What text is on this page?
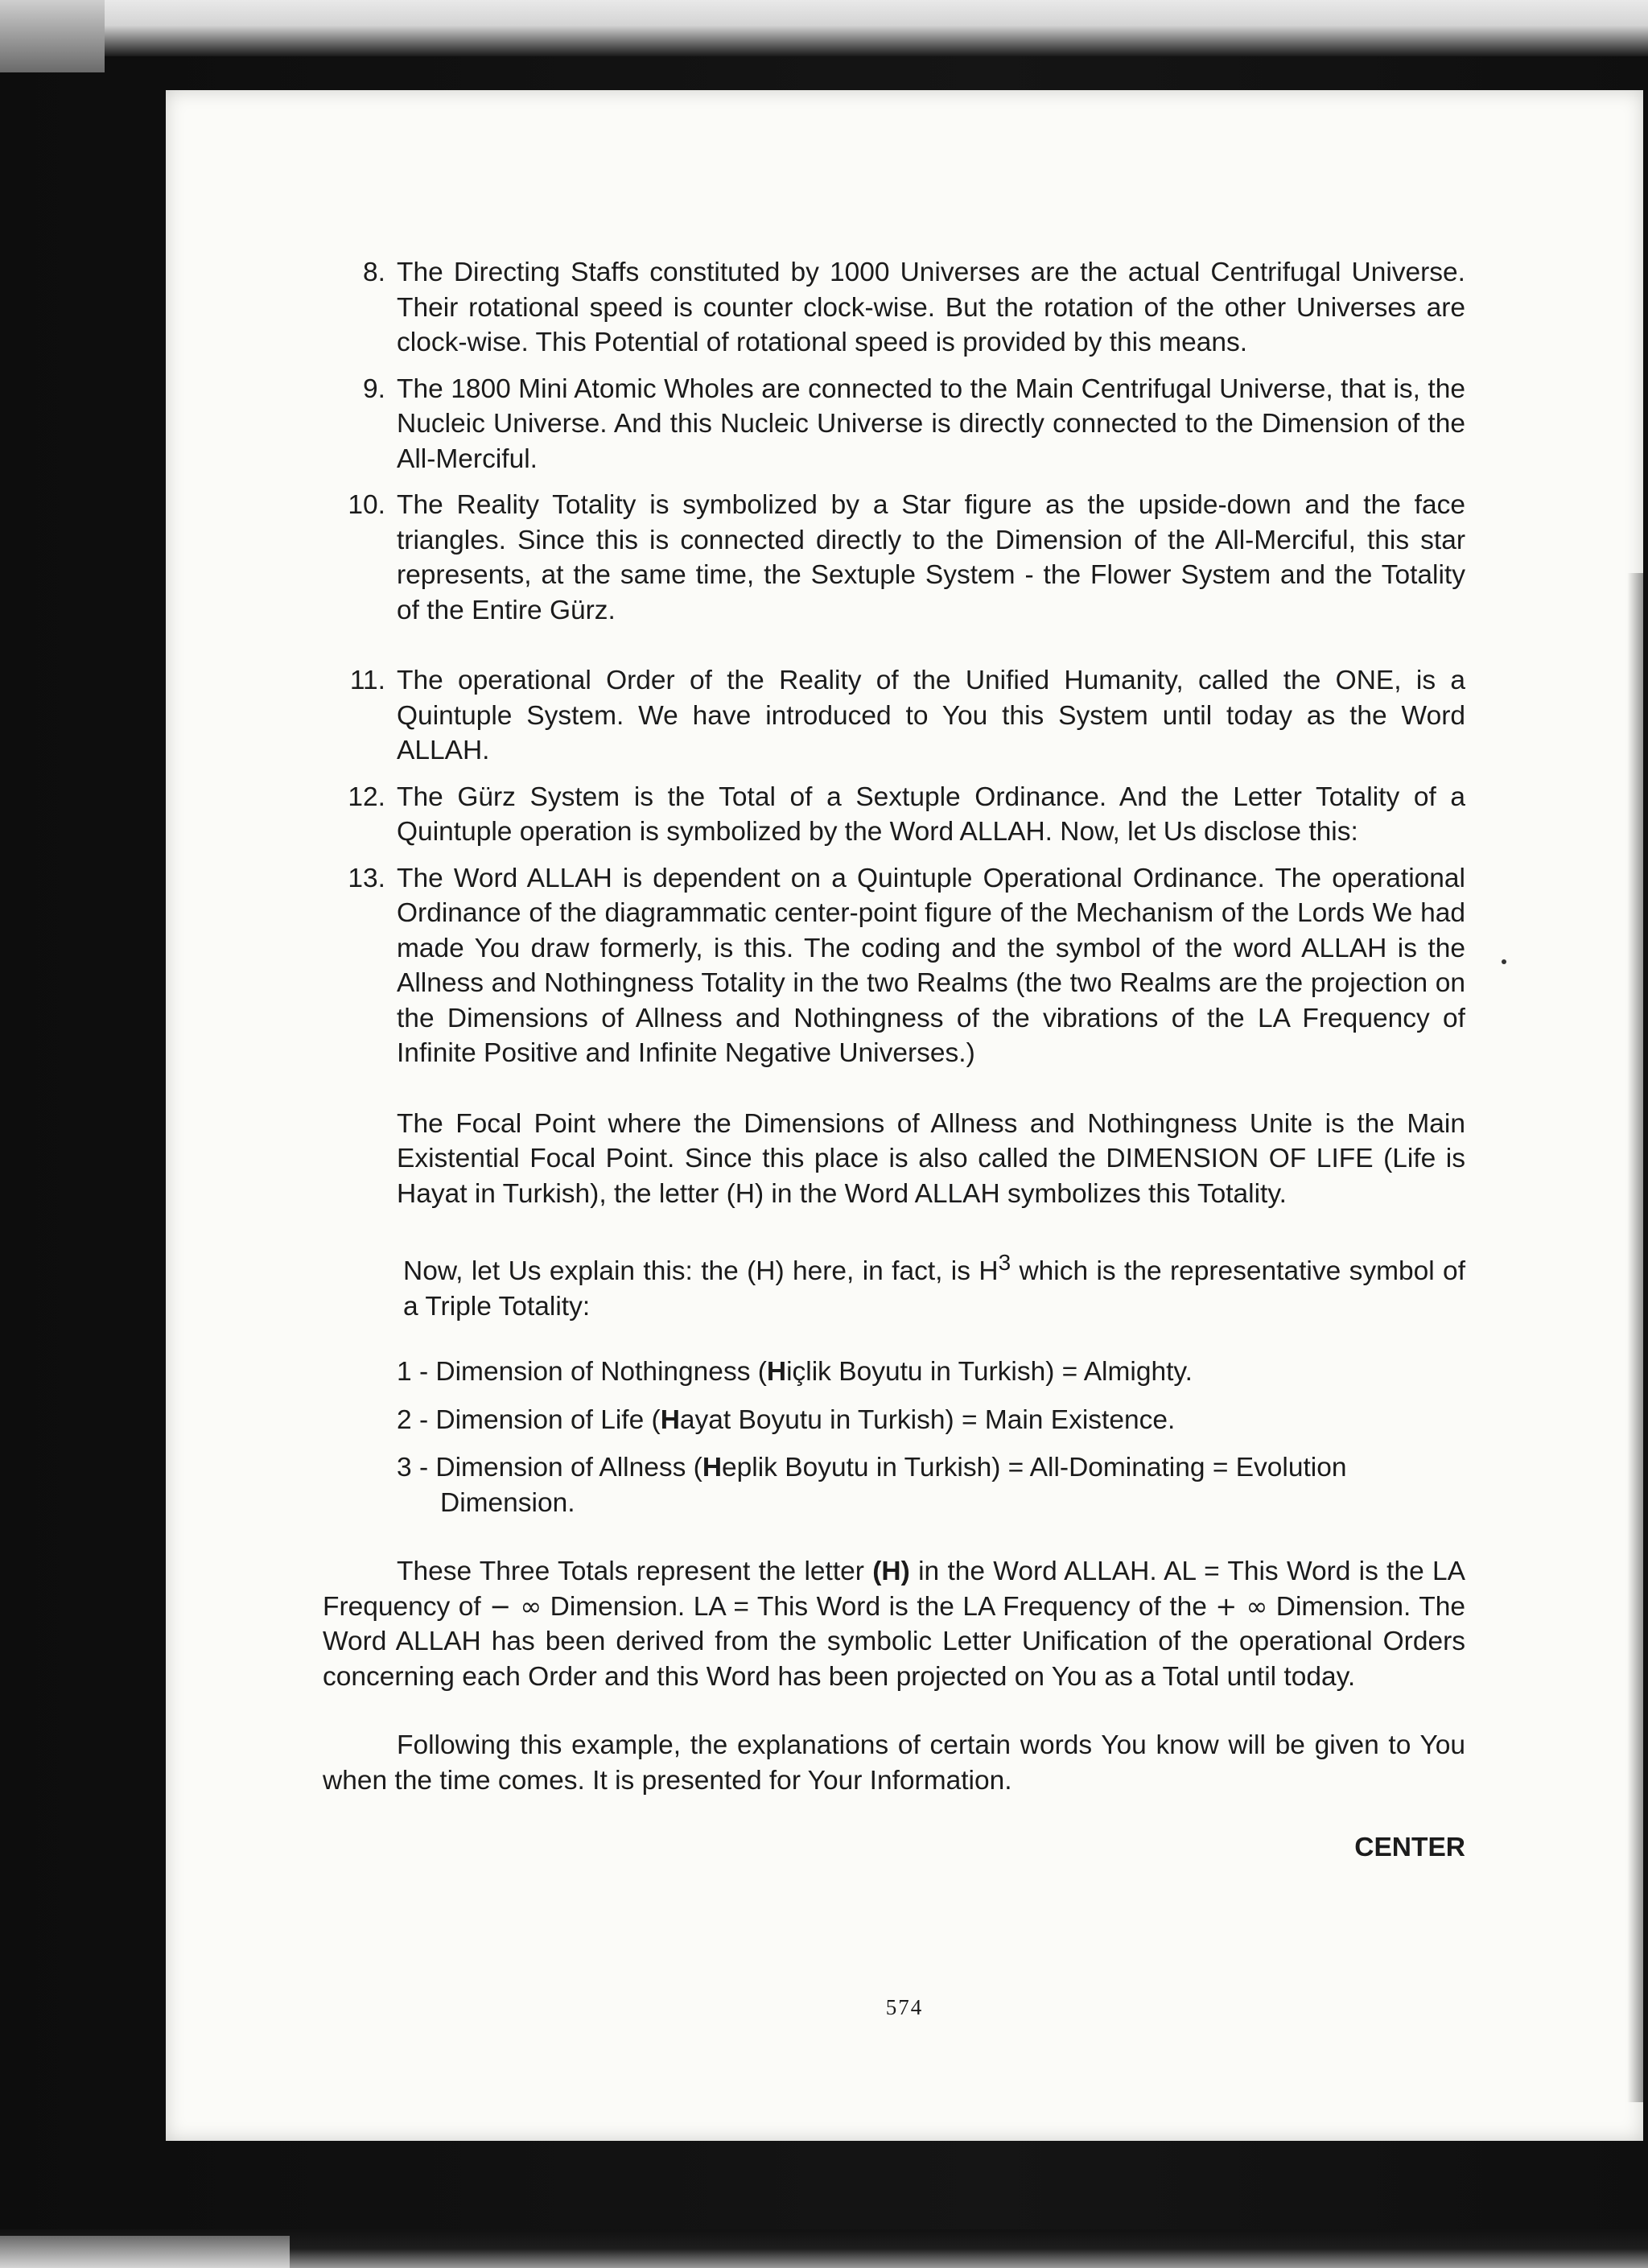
8. The Directing Staffs constituted by 1000 Universes are the actual Centrifugal Universe. Their rotational speed is counter clock-wise. But the rotation of the other Universes are clock-wise. This Potential of rotational speed is provided by this means.
9. The 1800 Mini Atomic Wholes are connected to the Main Centrifugal Universe, that is, the Nucleic Universe. And this Nucleic Universe is directly connected to the Dimension of the All-Merciful.
10. The Reality Totality is symbolized by a Star figure as the upside-down and the face triangles. Since this is connected directly to the Dimension of the All-Merciful, this star represents, at the same time, the Sextuple System - the Flower System and the Totality of the Entire Gürz.
11. The operational Order of the Reality of the Unified Humanity, called the ONE, is a Quintuple System. We have introduced to You this System until today as the Word ALLAH.
12. The Gürz System is the Total of a Sextuple Ordinance. And the Letter Totality of a Quintuple operation is symbolized by the Word ALLAH. Now, let Us disclose this:
13. The Word ALLAH is dependent on a Quintuple Operational Ordinance. The operational Ordinance of the diagrammatic center-point figure of the Mechanism of the Lords We had made You draw formerly, is this. The coding and the symbol of the word ALLAH is the Allness and Nothingness Totality in the two Realms (the two Realms are the projection on the Dimensions of Allness and Nothingness of the vibrations of the LA Frequency of Infinite Positive and Infinite Negative Universes.)
The Focal Point where the Dimensions of Allness and Nothingness Unite is the Main Existential Focal Point. Since this place is also called the DIMENSION OF LIFE (Life is Hayat in Turkish), the letter (H) in the Word ALLAH symbolizes this Totality.
Now, let Us explain this: the (H) here, in fact, is $H^3$ which is the representative symbol of a Triple Totality:
1 - Dimension of Nothingness (Hiçlik Boyutu in Turkish) = Almighty.
2 - Dimension of Life (Hayat Boyutu in Turkish) = Main Existence.
3 - Dimension of Allness (Heplik Boyutu in Turkish) = All-Dominating = Evolution Dimension.
These Three Totals represent the letter (H) in the Word ALLAH. AL = This Word is the LA Frequency of − ∞ Dimension. LA = This Word is the LA Frequency of the + ∞ Dimension. The Word ALLAH has been derived from the symbolic Letter Unification of the operational Orders concerning each Order and this Word has been projected on You as a Total until today.
Following this example, the explanations of certain words You know will be given to You when the time comes. It is presented for Your Information.
CENTER
574
